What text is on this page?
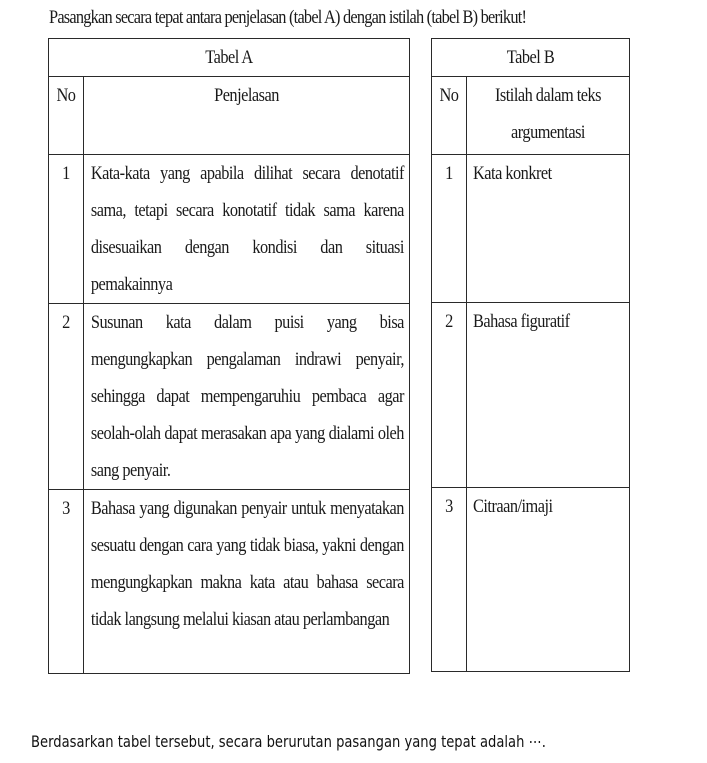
Pasangkan secara tepat antara penjelasan (tabel A) dengan istilah (tabel B) berikut!
Tabel A	

No	Penjelasan

1	Kata-kata yang apabila dilihat secara denotatif sama, tetapi secara konotatif tidak sama karena disesuaikan dengan kondisi dan situasi pemakainnya

2	Susunan kata dalam puisi yang bisa mengungkapkan pengalaman indrawi penyair, sehingga dapat mempengaruhiu pembaca agar seolah-olah dapat merasakan apa yang dialami oleh sang penyair.

3	Bahasa yang digunakan penyair untuk menyatakan sesuatu dengan cara yang tidak biasa, yakni dengan mengungkapkan makna kata atau bahasa secara tidak langsung melalui kiasan atau perlambangan
Tabel B	

No	Istilah dalam teks argumentasi

1	Kata konkret

2	Bahasa figuratif

3	Citraan/imaji
Berdasarkan tabel tersebut, secara berurutan pasangan yang tepat adalah ⋯.
